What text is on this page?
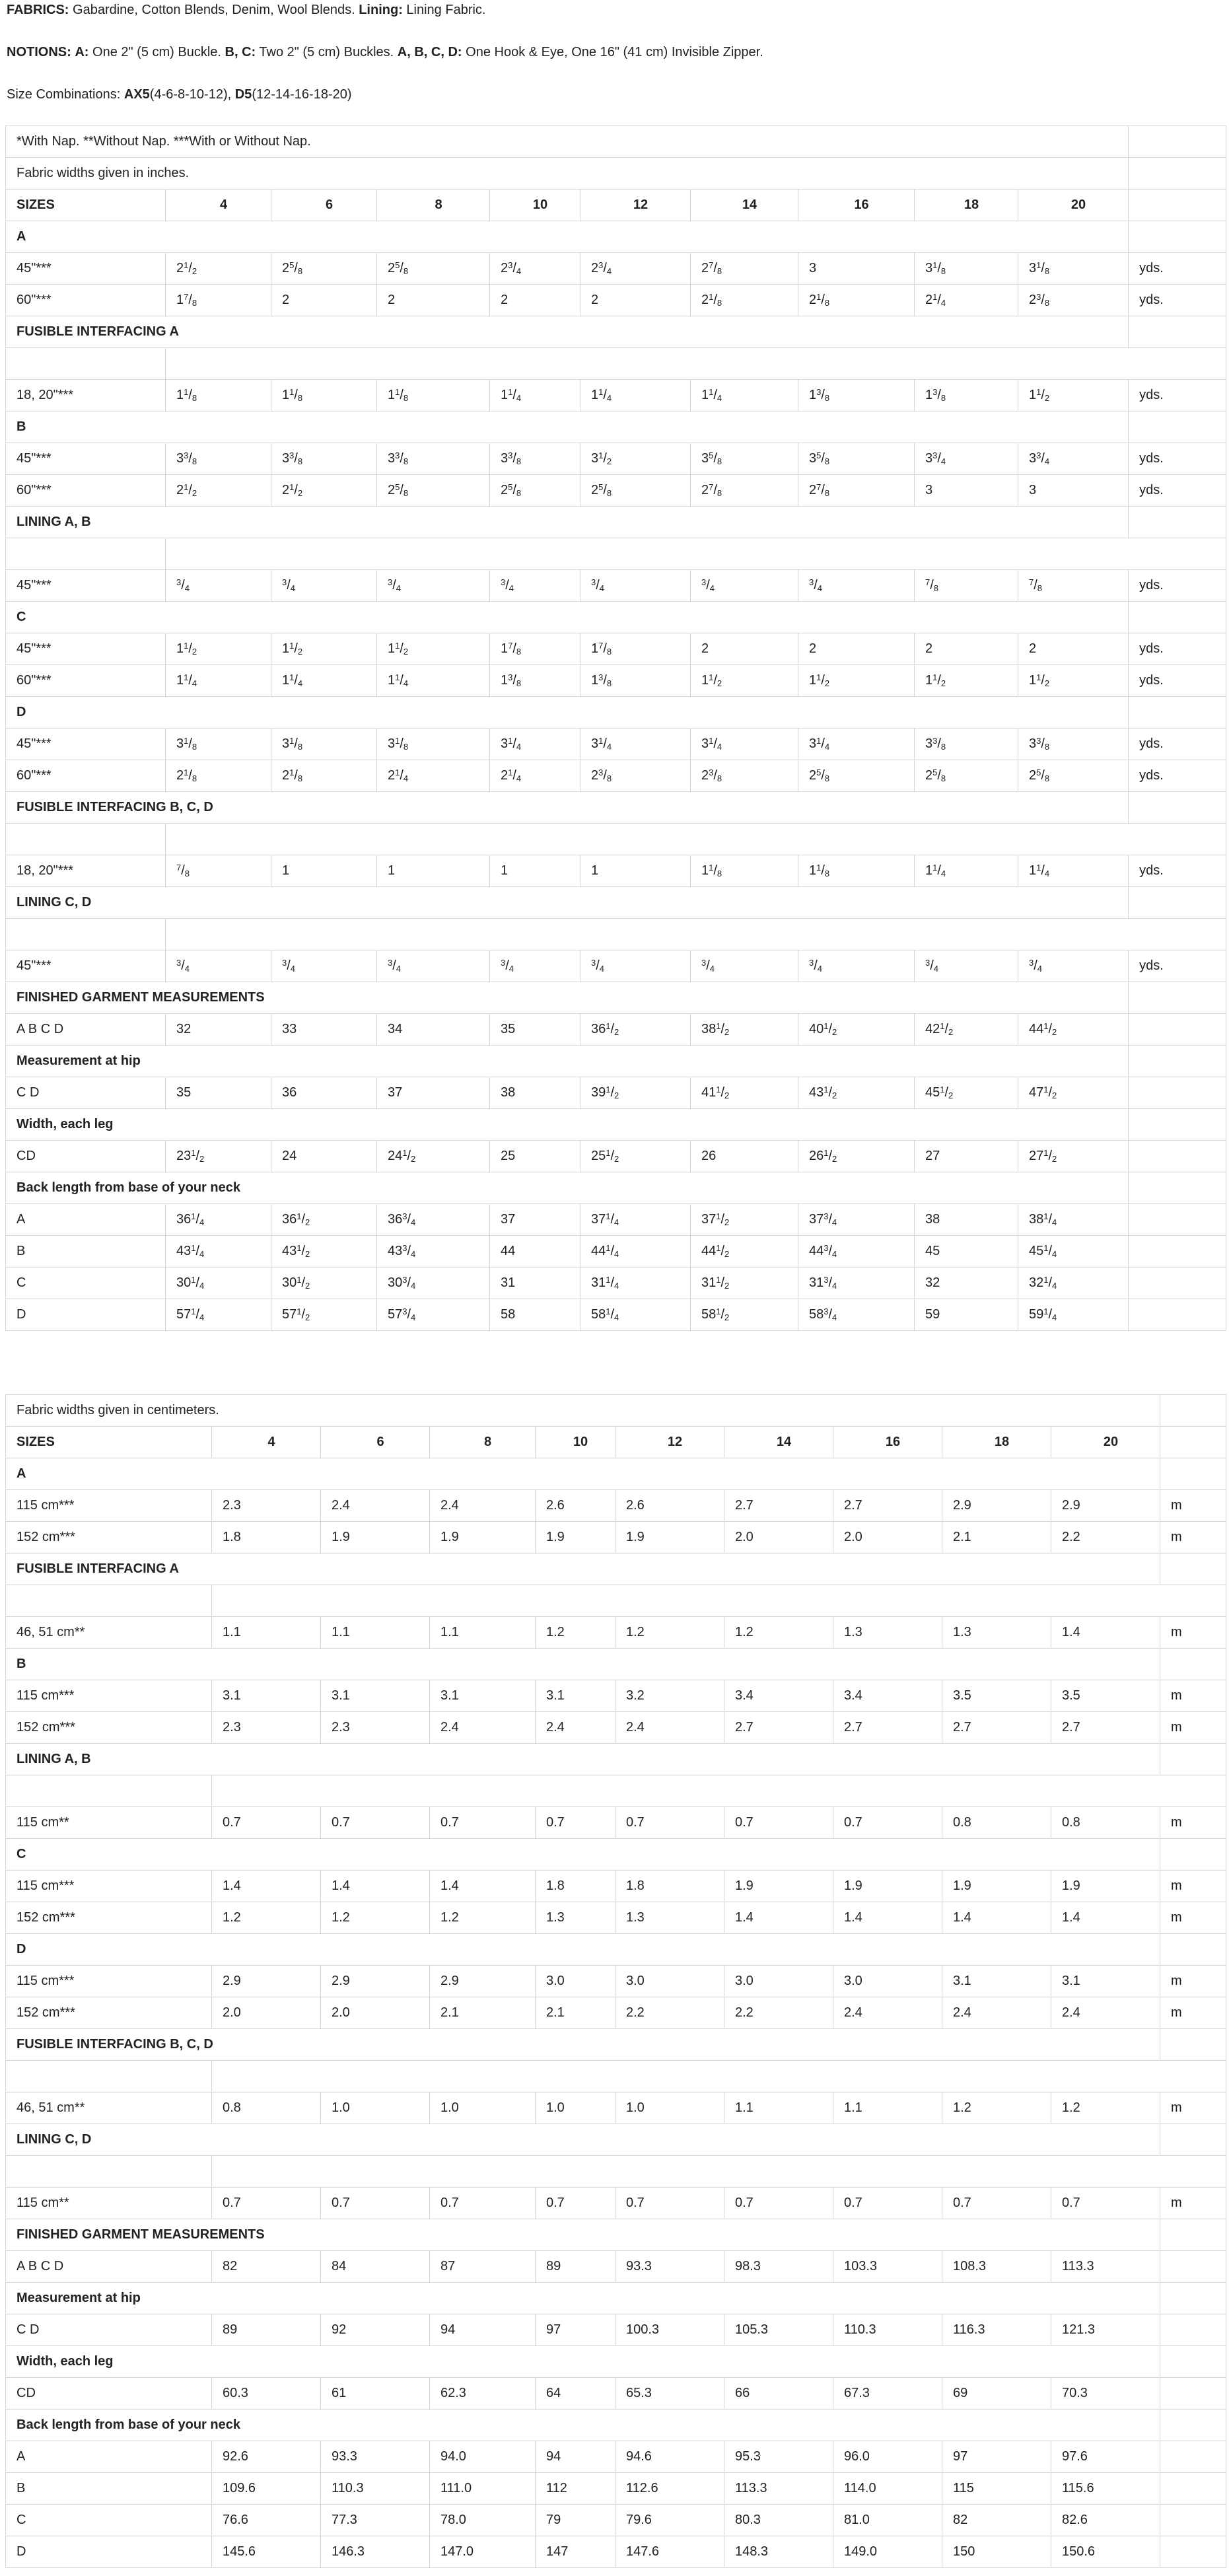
FABRICS: Gabardine, Cotton Blends, Denim, Wool Blends. Lining: Lining Fabric.

NOTIONS: A: One 2" (5 cm) Buckle. B, C: Two 2" (5 cm) Buckles. A, B, C, D: One Hook & Eye, One 16" (41 cm) Invisible Zipper.

Size Combinations: AX5(4-6-8-10-12), D5(12-14-16-18-20)

*With Nap. **Without Nap. ***With or Without Nap.										
Fabric widths given in inches.										
SIZES	4	6	8	10	12	14	16	18	20	
A										
45"***	$2^1/_2$	$2^5/_8$	$2^5/_8$	$2^3/_4$	$2^3/_4$	$2^7/_8$	3	$3^1/_8$	$3^1/_8$	yds.
60"***	$1^7/_8$	2	2	2	2	$2^1/_8$	$2^1/_8$	$2^1/_4$	$2^3/_8$	yds.
FUSIBLE INTERFACING A										

18, 20"***	$1^1/_8$	$1^1/_8$	$1^1/_8$	$1^1/_4$	$1^1/_4$	$1^1/_4$	$1^3/_8$	$1^3/_8$	$1^1/_2$	yds.
B										
45"***	$3^3/_8$	$3^3/_8$	$3^3/_8$	$3^3/_8$	$3^1/_2$	$3^5/_8$	$3^5/_8$	$3^3/_4$	$3^3/_4$	yds.
60"***	$2^1/_2$	$2^1/_2$	$2^5/_8$	$2^5/_8$	$2^5/_8$	$2^7/_8$	$2^7/_8$	3	3	yds.
LINING A, B										

45"***	$^3/_4$	$^3/_4$	$^3/_4$	$^3/_4$	$^3/_4$	$^3/_4$	$^3/_4$	$^7/_8$	$^7/_8$	yds.
C										
45"***	$1^1/_2$	$1^1/_2$	$1^1/_2$	$1^7/_8$	$1^7/_8$	2	2	2	2	yds.
60"***	$1^1/_4$	$1^1/_4$	$1^1/_4$	$1^3/_8$	$1^3/_8$	$1^1/_2$	$1^1/_2$	$1^1/_2$	$1^1/_2$	yds.
D										
45"***	$3^1/_8$	$3^1/_8$	$3^1/_8$	$3^1/_4$	$3^1/_4$	$3^1/_4$	$3^1/_4$	$3^3/_8$	$3^3/_8$	yds.
60"***	$2^1/_8$	$2^1/_8$	$2^1/_4$	$2^1/_4$	$2^3/_8$	$2^3/_8$	$2^5/_8$	$2^5/_8$	$2^5/_8$	yds.
FUSIBLE INTERFACING B, C, D										

18, 20"***	$^7/_8$	1	1	1	1	$1^1/_8$	$1^1/_8$	$1^1/_4$	$1^1/_4$	yds.
LINING C, D										

45"***	$^3/_4$	$^3/_4$	$^3/_4$	$^3/_4$	$^3/_4$	$^3/_4$	$^3/_4$	$^3/_4$	$^3/_4$	yds.
FINISHED GARMENT MEASUREMENTS										
A B C D	32	33	34	35	$36^1/_2$	$38^1/_2$	$40^1/_2$	$42^1/_2$	$44^1/_2$	
Measurement at hip										
C D	35	36	37	38	$39^1/_2$	$41^1/_2$	$43^1/_2$	$45^1/_2$	$47^1/_2$	
Width, each leg										
CD	$23^1/_2$	24	$24^1/_2$	25	$25^1/_2$	26	$26^1/_2$	27	$27^1/_2$	
Back length from base of your neck										
A	$36^1/_4$	$36^1/_2$	$36^3/_4$	37	$37^1/_4$	$37^1/_2$	$37^3/_4$	38	$38^1/_4$	
B	$43^1/_4$	$43^1/_2$	$43^3/_4$	44	$44^1/_4$	$44^1/_2$	$44^3/_4$	45	$45^1/_4$	
C	$30^1/_4$	$30^1/_2$	$30^3/_4$	31	$31^1/_4$	$31^1/_2$	$31^3/_4$	32	$32^1/_4$	
D	$57^1/_4$	$57^1/_2$	$57^3/_4$	58	$58^1/_4$	$58^1/_2$	$58^3/_4$	59	$59^1/_4$	
Fabric widths given in centimeters.										
SIZES	4	6	8	10	12	14	16	18	20	
A										
115 cm***	2.3	2.4	2.4	2.6	2.6	2.7	2.7	2.9	2.9	m
152 cm***	1.8	1.9	1.9	1.9	1.9	2.0	2.0	2.1	2.2	m
FUSIBLE INTERFACING A										

46, 51 cm**	1.1	1.1	1.1	1.2	1.2	1.2	1.3	1.3	1.4	m
B										
115 cm***	3.1	3.1	3.1	3.1	3.2	3.4	3.4	3.5	3.5	m
152 cm***	2.3	2.3	2.4	2.4	2.4	2.7	2.7	2.7	2.7	m
LINING A, B										

115 cm**	0.7	0.7	0.7	0.7	0.7	0.7	0.7	0.8	0.8	m
C										
115 cm***	1.4	1.4	1.4	1.8	1.8	1.9	1.9	1.9	1.9	m
152 cm***	1.2	1.2	1.2	1.3	1.3	1.4	1.4	1.4	1.4	m
D										
115 cm***	2.9	2.9	2.9	3.0	3.0	3.0	3.0	3.1	3.1	m
152 cm***	2.0	2.0	2.1	2.1	2.2	2.2	2.4	2.4	2.4	m
FUSIBLE INTERFACING B, C, D										

46, 51 cm**	0.8	1.0	1.0	1.0	1.0	1.1	1.1	1.2	1.2	m
LINING C, D										

115 cm**	0.7	0.7	0.7	0.7	0.7	0.7	0.7	0.7	0.7	m
FINISHED GARMENT MEASUREMENTS										
A B C D	82	84	87	89	93.3	98.3	103.3	108.3	113.3	
Measurement at hip										
C D	89	92	94	97	100.3	105.3	110.3	116.3	121.3	
Width, each leg										
CD	60.3	61	62.3	64	65.3	66	67.3	69	70.3	
Back length from base of your neck										
A	92.6	93.3	94.0	94	94.6	95.3	96.0	97	97.6	
B	109.6	110.3	111.0	112	112.6	113.3	114.0	115	115.6	
C	76.6	77.3	78.0	79	79.6	80.3	81.0	82	82.6	
D	145.6	146.3	147.0	147	147.6	148.3	149.0	150	150.6	
